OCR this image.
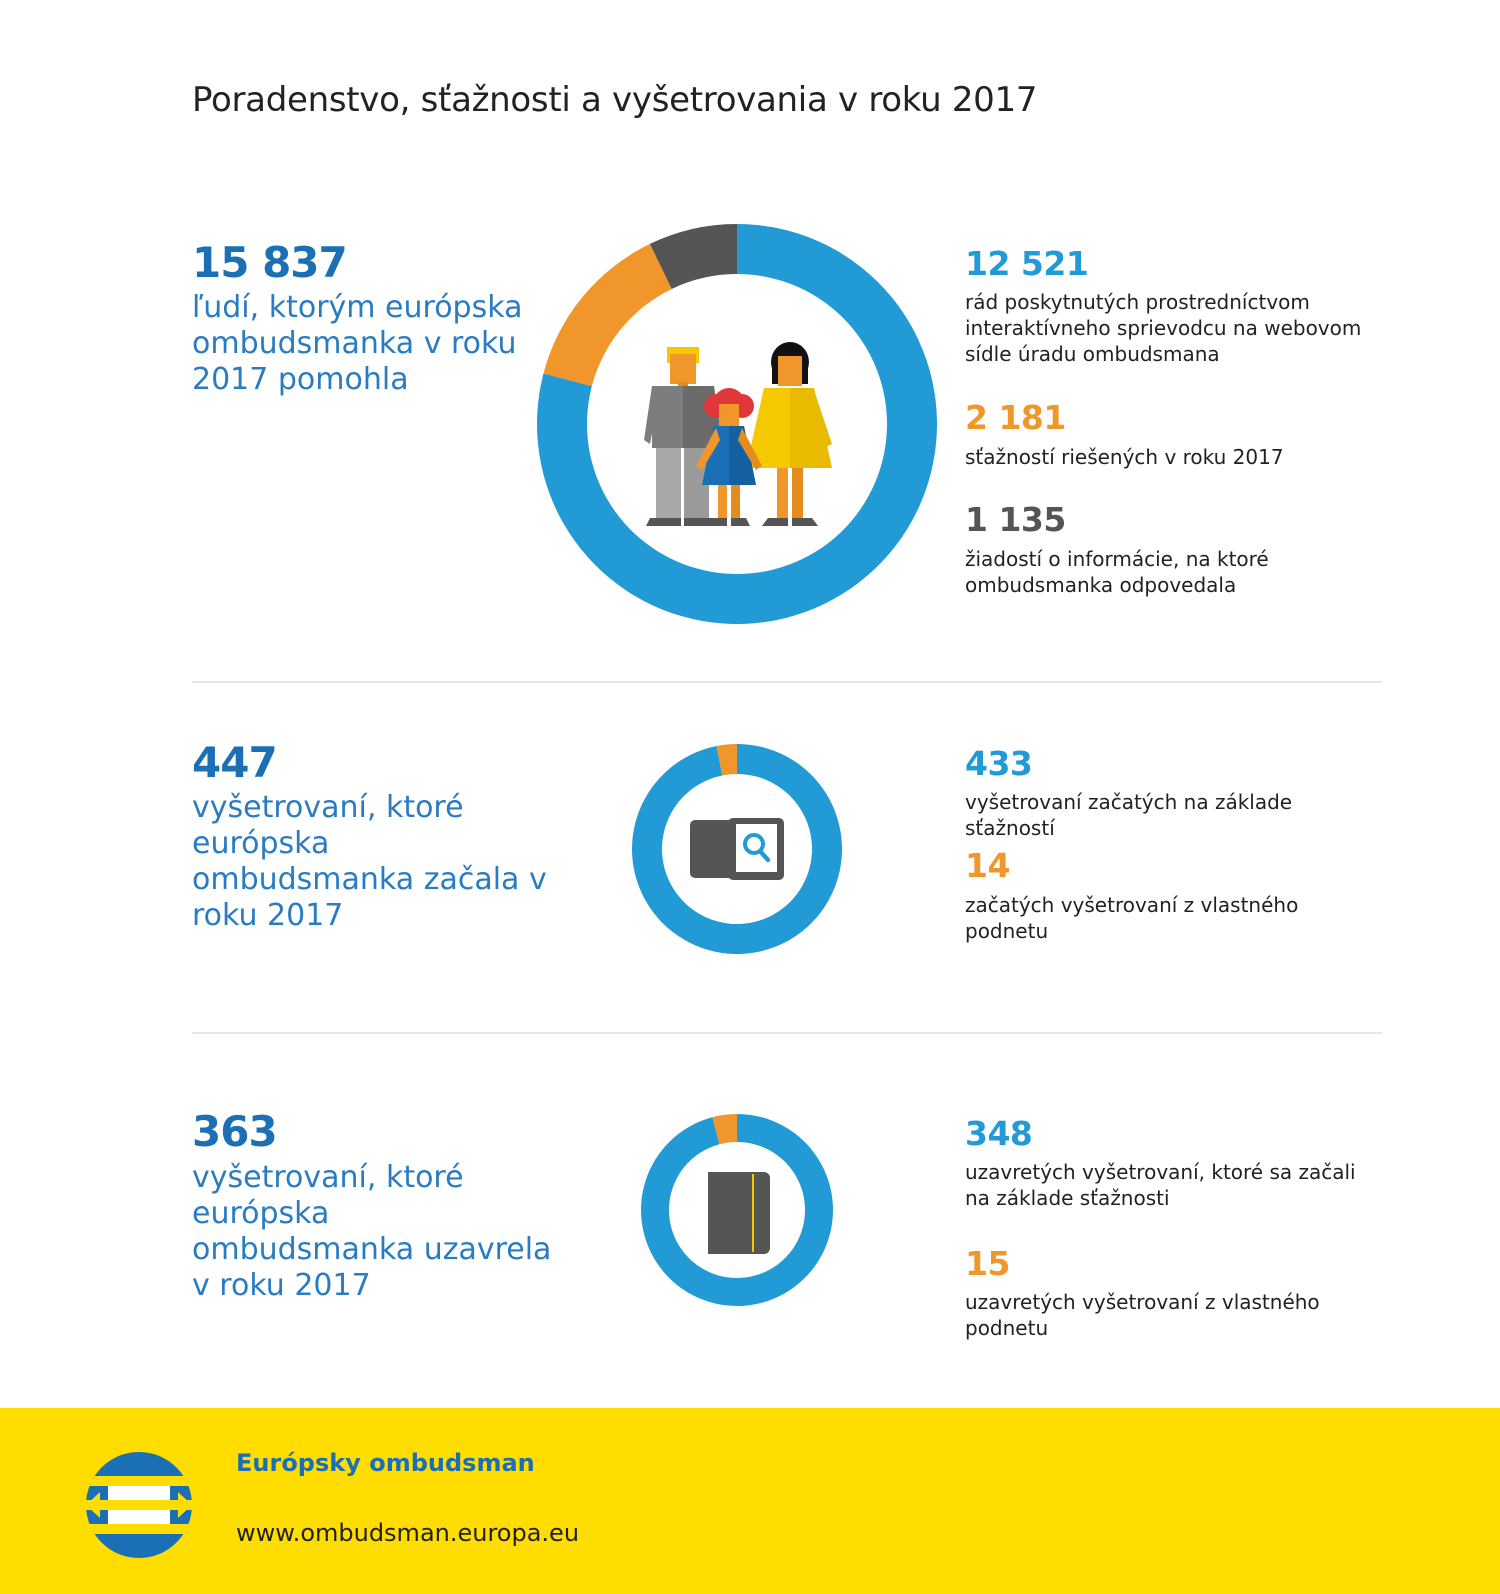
Poradenstvo, sťažnosti a vyšetrovania v roku 2017
15 837
ľudí, ktorým európska ombudsmanka v roku 2017 pomohla
12 521
rád poskytnutých prostredníctvom interaktívneho sprievodcu na webovom sídle úradu ombudsmana
2 181
sťažností riešených v roku 2017
1 135
žiadostí o informácie, na ktoré ombudsmanka odpovedala
447
vyšetrovaní, ktoré európska ombudsmanka začala v roku 2017
433
vyšetrovaní začatých na základe sťažností
14
začatých vyšetrovaní z vlastného podnetu
363
vyšetrovaní, ktoré európska ombudsmanka uzavrela v roku 2017
348
uzavretých vyšetrovaní, ktoré sa začali na základe sťažnosti
15
uzavretých vyšetrovaní z vlastného podnetu
Európsky ombudsman
www.ombudsman.europa.eu
